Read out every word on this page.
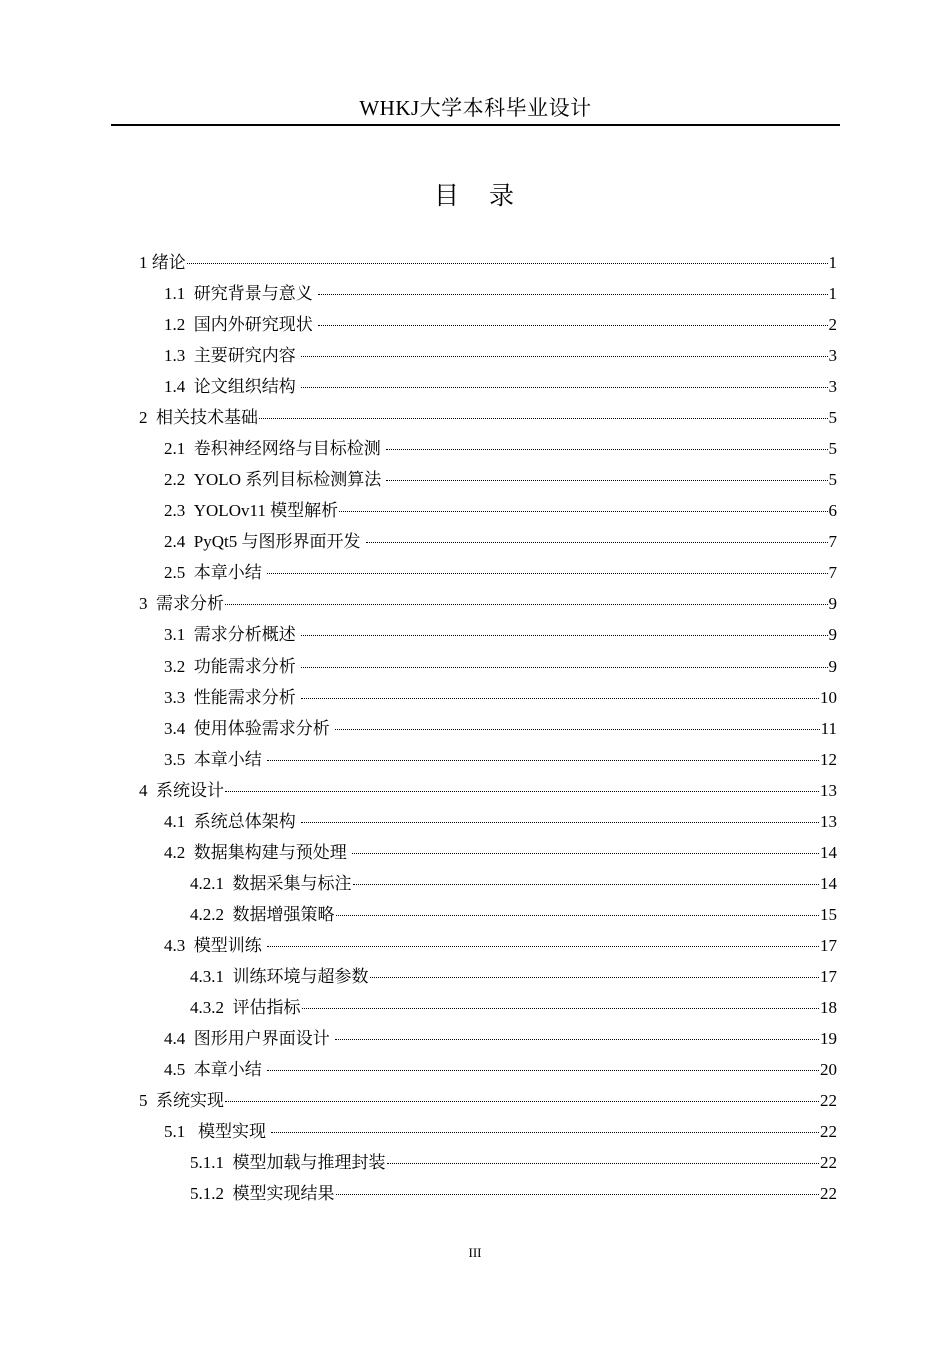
WHKJ大学本科毕业设计
目 录
1 绪论	1
1.1 研究背景与意义	1
1.2 国内外研究现状	2
1.3 主要研究内容	3
1.4 论文组织结构	3
2 相关技术基础	5
2.1 卷积神经网络与目标检测	5
2.2 YOLO 系列目标检测算法	5
2.3 YOLOv11 模型解析	6
2.4 PyQt5 与图形界面开发	7
2.5 本章小结	7
3 需求分析	9
3.1 需求分析概述	9
3.2 功能需求分析	9
3.3 性能需求分析	10
3.4 使用体验需求分析	11
3.5 本章小结	12
4 系统设计	13
4.1 系统总体架构	13
4.2 数据集构建与预处理	14
4.2.1 数据采集与标注	14
4.2.2 数据增强策略	15
4.3 模型训练	17
4.3.1 训练环境与超参数	17
4.3.2 评估指标	18
4.4 图形用户界面设计	19
4.5 本章小结	20
5 系统实现	22
5.1 模型实现	22
5.1.1 模型加载与推理封装	22
5.1.2 模型实现结果	22
III
